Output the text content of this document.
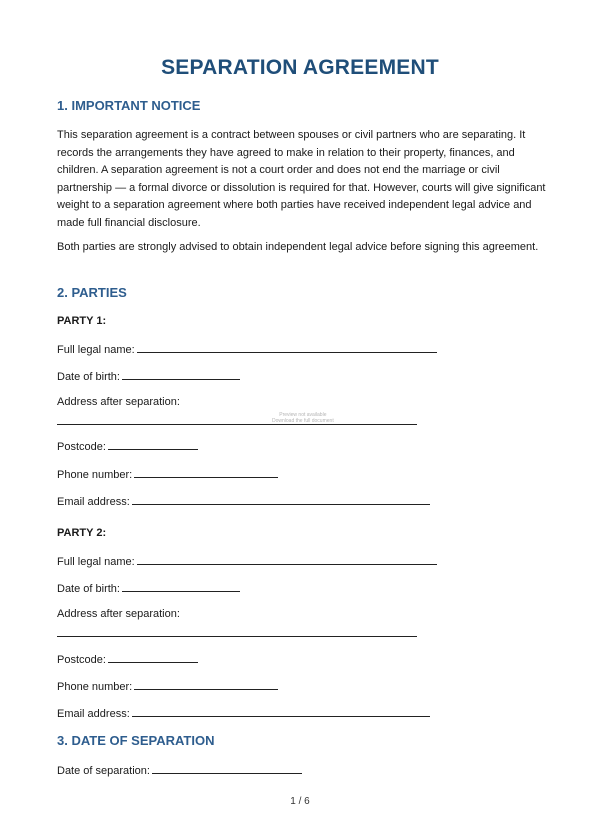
SEPARATION AGREEMENT
1. IMPORTANT NOTICE
This separation agreement is a contract between spouses or civil partners who are separating. It records the arrangements they have agreed to make in relation to their property, finances, and children. A separation agreement is not a court order and does not end the marriage or civil partnership — a formal divorce or dissolution is required for that. However, courts will give significant weight to a separation agreement where both parties have received independent legal advice and made full financial disclosure.
Both parties are strongly advised to obtain independent legal advice before signing this agreement.
2. PARTIES
PARTY 1:
Full legal name:
Date of birth:
Address after separation:
Postcode:
Phone number:
Email address:
PARTY 2:
Full legal name:
Date of birth:
Address after separation:
Postcode:
Phone number:
Email address:
3. DATE OF SEPARATION
Date of separation:
1 / 6
Preview not available
Download the full document
